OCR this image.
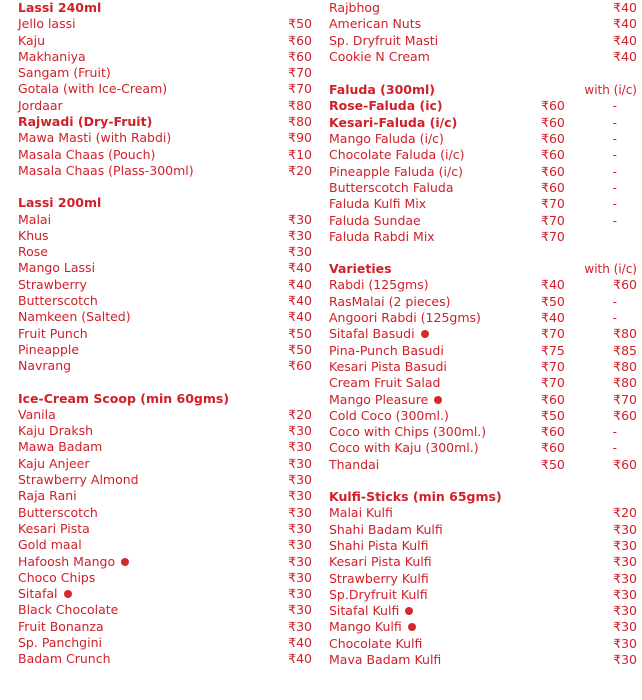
Lassi 240ml
Jello lassi	₹50
Kaju	₹60
Makhaniya	₹60
Sangam (Fruit)	₹70
Gotala (with Ice-Cream)	₹70
Jordaar	₹80
Rajwadi (Dry-Fruit)	₹80
Mawa Masti (with Rabdi)	₹90
Masala Chaas (Pouch)	₹10
Masala Chaas (Plass-300ml)	₹20
Lassi 200ml
Malai	₹30
Khus	₹30
Rose	₹30
Mango Lassi	₹40
Strawberry	₹40
Butterscotch	₹40
Namkeen (Salted)	₹40
Fruit Punch	₹50
Pineapple	₹50
Navrang	₹60
Ice-Cream Scoop (min 60gms)
Vanila	₹20
Kaju Draksh	₹30
Mawa Badam	₹30
Kaju Anjeer	₹30
Strawberry Almond	₹30
Raja Rani	₹30
Butterscotch	₹30
Kesari Pista	₹30
Gold maal	₹30
Hafoosh Mango	₹30
Choco Chips	₹30
Sitafal	₹30
Black Chocolate	₹30
Fruit Bonanza	₹30
Sp. Panchgini	₹40
Badam Crunch	₹40
Rajbhog	₹40
American Nuts	₹40
Sp. Dryfruit Masti	₹40
Cookie N Cream	₹40
Faluda (300ml)	with (i/c)
Rose-Faluda (ic)	₹60	-
Kesari-Faluda (i/c)	₹60	-
Mango Faluda (i/c)	₹60	-
Chocolate Faluda (i/c)	₹60	-
Pineapple Faluda (i/c)	₹60	-
Butterscotch Faluda	₹60	-
Faluda Kulfi Mix	₹70	-
Faluda Sundae	₹70	-
Faluda Rabdi Mix	₹70
Varieties	with (i/c)
Rabdi (125gms)	₹40	₹60
RasMalai (2 pieces)	₹50	-
Angoori Rabdi (125gms)	₹40	-
Sitafal Basudi	₹70	₹80
Pina-Punch Basudi	₹75	₹85
Kesari Pista Basudi	₹70	₹80
Cream Fruit Salad	₹70	₹80
Mango Pleasure	₹60	₹70
Cold Coco (300ml.)	₹50	₹60
Coco with Chips (300ml.)	₹60	-
Coco with Kaju (300ml.)	₹60	-
Thandai	₹50	₹60
Kulfi-Sticks (min 65gms)
Malai Kulfi	₹20
Shahi Badam Kulfi	₹30
Shahi Pista Kulfi	₹30
Kesari Pista Kulfi	₹30
Strawberry Kulfi	₹30
Sp.Dryfruit Kulfi	₹30
Sitafal Kulfi	₹30
Mango Kulfi	₹30
Chocolate Kulfi	₹30
Mava Badam Kulfi	₹30
